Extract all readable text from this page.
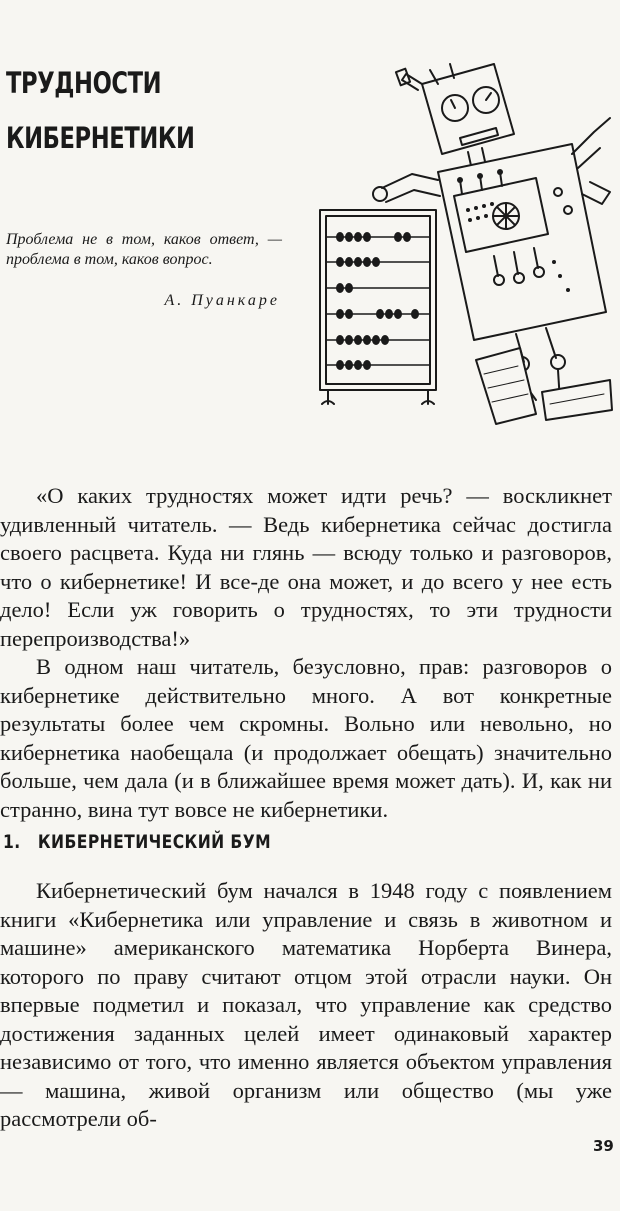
ТРУДНОСТИ
КИБЕРНЕТИКИ
Проблема не в том, каков ответ, — проблема в том, каков вопрос.
А. Пуанкаре

«О каких трудностях может идти речь? — воскликнет удивленный читатель. — Ведь кибернетика сейчас достигла своего расцвета. Куда ни глянь — всюду только и разговоров, что о кибернетике! И все-де она может, и до всего у нее есть дело! Если уж говорить о трудностях, то эти трудности перепроизводства!»

В одном наш читатель, безусловно, прав: разговоров о кибернетике действительно много. А вот конкретные результаты более чем скромны. Вольно или невольно, но кибернетика наобещала (и продолжает обещать) значительно больше, чем дала (и в ближайшее время может дать). И, как ни странно, вина тут вовсе не кибернетики.

1. КИБЕРНЕТИЧЕСКИЙ БУМ

Кибернетический бум начался в 1948 году с появлением книги «Кибернетика или управление и связь в животном и машине» американского математика Норберта Винера, которого по праву считают отцом этой отрасли науки. Он впервые подметил и показал, что управление как средство достижения заданных целей имеет одинаковый характер независимо от того, что именно является объектом управления — машина, живой организм или общество (мы уже рассмотрели об-

39
